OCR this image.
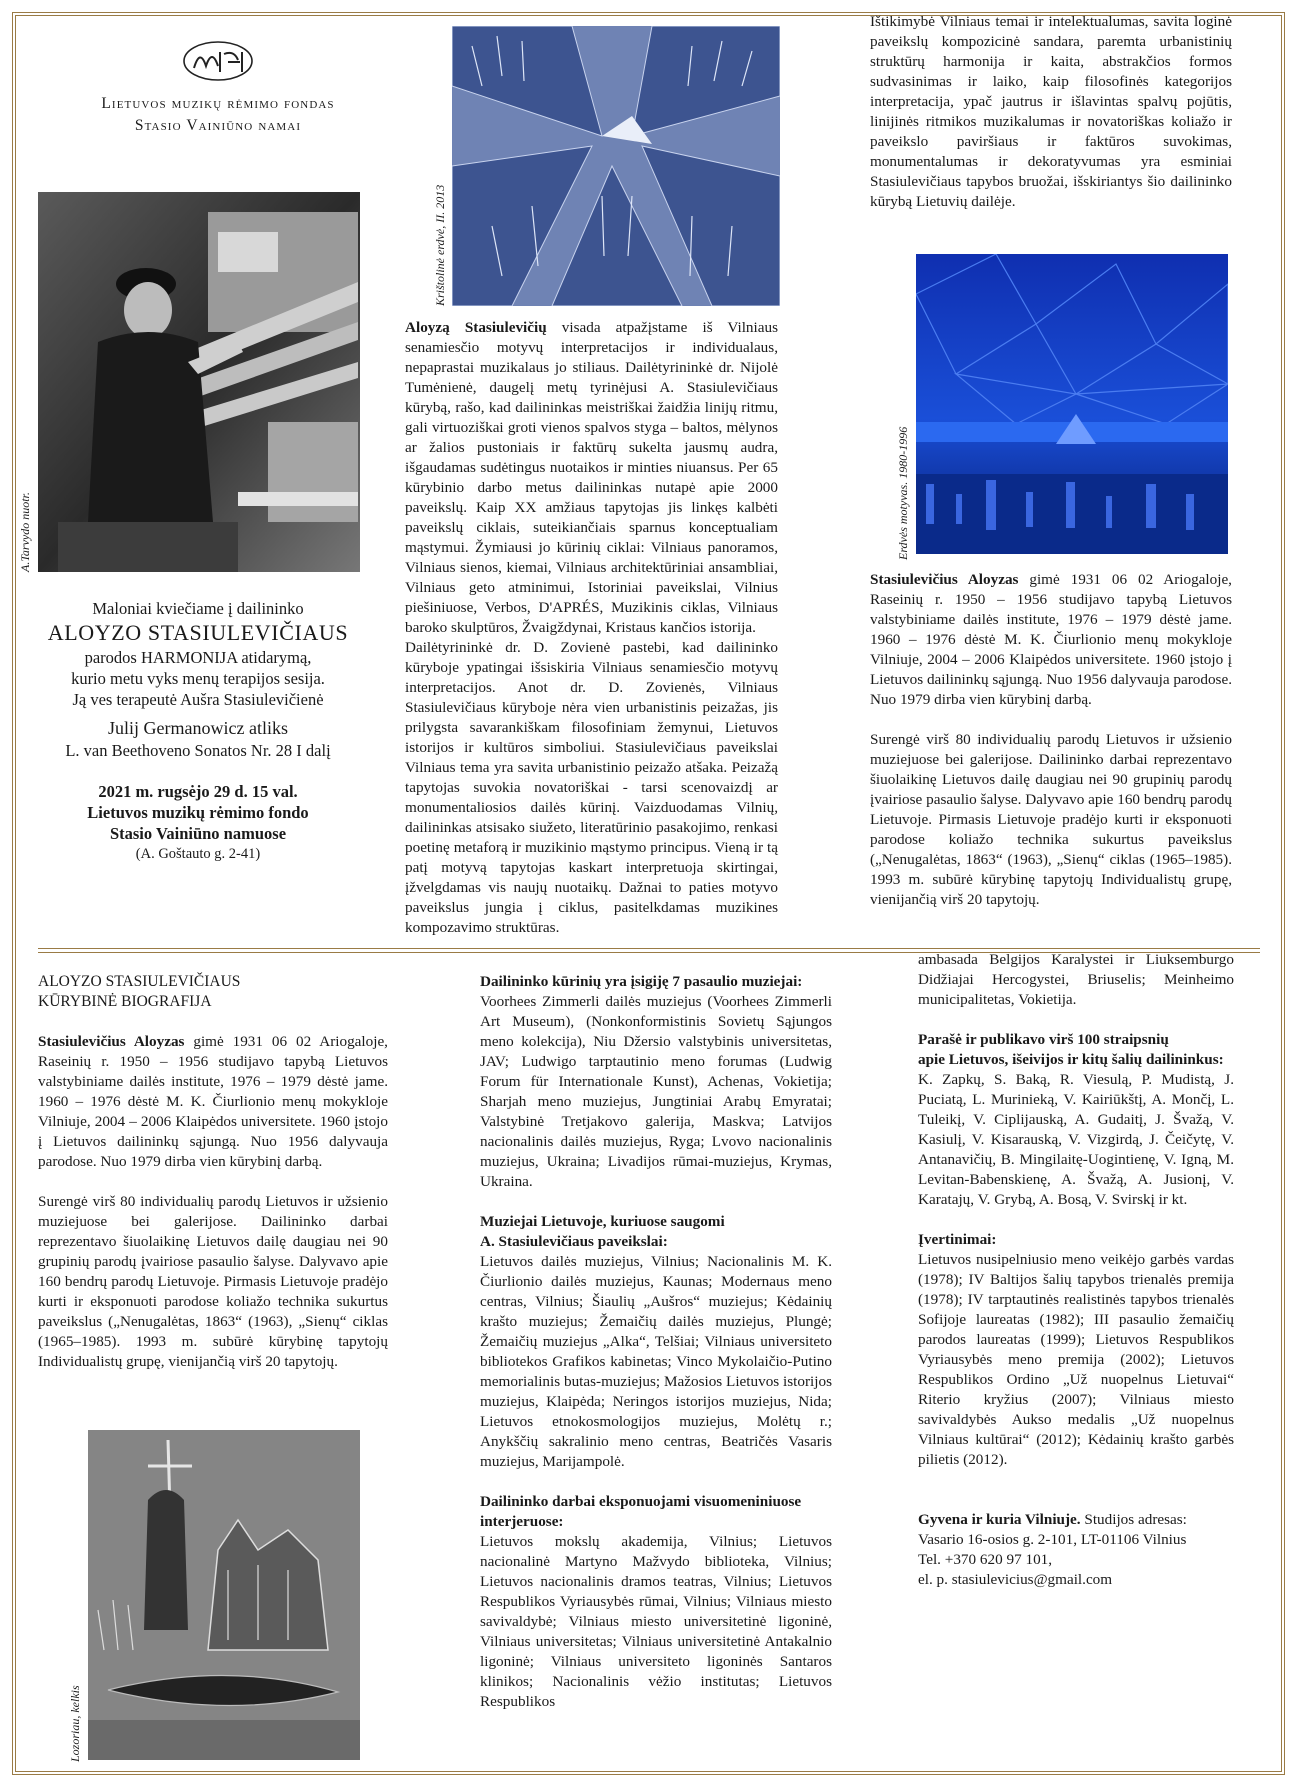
Lietuvos muzikų rėmimo fondas
Stasio Vainiūno namai
A.Tarvydo nuotr.
Maloniai kviečiame į dailininko
ALOYZO STASIULEVIČIAUS
parodos HARMONIJA atidarymą,
kurio metu vyks menų terapijos sesija.
Ją ves terapeutė Aušra Stasiulevičienė
Julij Germanowicz atliks
L. van Beethoveno Sonatos Nr. 28 I dalį
2021 m. rugsėjo 29 d. 15 val.
Lietuvos muzikų rėmimo fondo
Stasio Vainiūno namuose
(A. Goštauto g. 2-41)
Krištolinė erdvė, II. 2013

Aloyzą Stasiulevičių visada atpažįstame iš Vilniaus senamiesčio motyvų interpretacijos ir individualaus, nepaprastai muzikalaus jo stiliaus. Dailėtyrininkė dr. Nijolė Tumėnienė, daugelį metų tyrinėjusi A. Stasiulevičiaus kūrybą, rašo, kad dailininkas meistriškai žaidžia linijų ritmu, gali virtuoziškai groti vienos spalvos styga – baltos, mėlynos ar žalios pustoniais ir faktūrų sukelta jausmų audra, išgaudamas sudėtingus nuotaikos ir minties niuansus. Per 65 kūrybinio darbo metus dailininkas nutapė apie 2000 paveikslų. Kaip XX amžiaus tapytojas jis linkęs kalbėti paveikslų ciklais, suteikiančiais sparnus konceptualiam mąstymui. Žymiausi jo kūrinių ciklai: Vilniaus panoramos, Vilniaus sienos, kiemai, Vilniaus architektūriniai ansambliai, Vilniaus geto atminimui, Istoriniai paveikslai, Vilnius piešiniuose, Verbos, D'APRÉS, Muzikinis ciklas, Vilniaus baroko skulptūros, Žvaigždynai, Kristaus kančios istorija.

Dailėtyrininkė dr. D. Zovienė pastebi, kad dailininko kūryboje ypatingai išsiskiria Vilniaus senamiesčio motyvų interpretacijos. Anot dr. D. Zovienės, Vilniaus Stasiulevičiaus kūryboje nėra vien urbanistinis peizažas, jis prilygsta savarankiškam filosofiniam žemynui, Lietuvos istorijos ir kultūros simboliui. Stasiulevičiaus paveikslai Vilniaus tema yra savita urbanistinio peizažo atšaka. Peizažą tapytojas suvokia novatoriškai - tarsi scenovaizdį ar monumentaliosios dailės kūrinį. Vaizduodamas Vilnių, dailininkas atsisako siužeto, literatūrinio pasakojimo, renkasi poetinę metaforą ir muzikinio mąstymo principus. Vieną ir tą patį motyvą tapytojas kaskart interpretuoja skirtingai, įžvelgdamas vis naujų nuotaikų. Dažnai to paties motyvo paveikslus jungia į ciklus, pasitelkdamas muzikines kompozavimo struktūras.

Ištikimybė Vilniaus temai ir intelektualumas, savita loginė paveikslų kompozicinė sandara, paremta urbanistinių struktūrų harmonija ir kaita, abstrakčios formos sudvasinimas ir laiko, kaip filosofinės kategorijos interpretacija, ypač jautrus ir išlavintas spalvų pojūtis, linijinės ritmikos muzikalumas ir novatoriškas koliažo ir paveikslo paviršiaus ir faktūros suvokimas, monumentalumas ir dekoratyvumas yra esminiai Stasiulevičiaus tapybos bruožai, išskiriantys šio dailininko kūrybą Lietuvių dailėje.

Erdvės motyvas. 1980-1996

Stasiulevičius Aloyzas gimė 1931 06 02 Ariogaloje, Raseinių r. 1950 – 1956 studijavo tapybą Lietuvos valstybiniame dailės institute, 1976 – 1979 dėstė jame. 1960 – 1976 dėstė M. K. Čiurlionio menų mokykloje Vilniuje, 2004 – 2006 Klaipėdos universitete. 1960 įstojo į Lietuvos dailininkų sąjungą. Nuo 1956 dalyvauja parodose. Nuo 1979 dirba vien kūrybinį darbą.

Surengė virš 80 individualių parodų Lietuvos ir užsienio muziejuose bei galerijose. Dailininko darbai reprezentavo šiuolaikinę Lietuvos dailę daugiau nei 90 grupinių parodų įvairiose pasaulio šalyse. Dalyvavo apie 160 bendrų parodų Lietuvoje. Pirmasis Lietuvoje pradėjo kurti ir eksponuoti parodose koliažo technika sukurtus paveikslus („Nenugalėtas, 1863“ (1963), „Sienų“ ciklas (1965–1985). 1993 m. subūrė kūrybinę tapytojų Individualistų grupę, vienijančią virš 20 tapytojų.

ALOYZO STASIULEVIČIAUS
KŪRYBINĖ BIOGRAFIJA

Stasiulevičius Aloyzas gimė 1931 06 02 Ariogaloje, Raseinių r. 1950 – 1956 studijavo tapybą Lietuvos valstybiniame dailės institute, 1976 – 1979 dėstė jame. 1960 – 1976 dėstė M. K. Čiurlionio menų mokykloje Vilniuje, 2004 – 2006 Klaipėdos universitete. 1960 įstojo į Lietuvos dailininkų sąjungą. Nuo 1956 dalyvauja parodose. Nuo 1979 dirba vien kūrybinį darbą.

Surengė virš 80 individualių parodų Lietuvos ir užsienio muziejuose bei galerijose. Dailininko darbai reprezentavo šiuolaikinę Lietuvos dailę daugiau nei 90 grupinių parodų įvairiose pasaulio šalyse. Dalyvavo apie 160 bendrų parodų Lietuvoje. Pirmasis Lietuvoje pradėjo kurti ir eksponuoti parodose koliažo technika sukurtus paveikslus („Nenugalėtas, 1863“ (1963), „Sienų“ ciklas (1965–1985). 1993 m. subūrė kūrybinę tapytojų Individualistų grupę, vienijančią virš 20 tapytojų.

Lozoriau, kelkis

Dailininko kūrinių yra įsigiję 7 pasaulio muziejai:

Voorhees Zimmerli dailės muziejus (Voorhees Zimmerli Art Museum), (Nonkonformistinis Sovietų Sąjungos meno kolekcija), Niu Džersio valstybinis universitetas, JAV; Ludwigo tarptautinio meno forumas (Ludwig Forum für Internationale Kunst), Achenas, Vokietija; Sharjah meno muziejus, Jungtiniai Arabų Emyratai; Valstybinė Tretjakovo galerija, Maskva; Latvijos nacionalinis dailės muziejus, Ryga; Lvovo nacionalinis muziejus, Ukraina; Livadijos rūmai-muziejus, Krymas, Ukraina.

Muziejai Lietuvoje, kuriuose saugomi

A. Stasiulevičiaus paveikslai:

Lietuvos dailės muziejus, Vilnius; Nacionalinis M. K. Čiurlionio dailės muziejus, Kaunas; Modernaus meno centras, Vilnius; Šiaulių „Aušros“ muziejus; Kėdainių krašto muziejus; Žemaičių dailės muziejus, Plungė; Žemaičių muziejus „Alka“, Telšiai; Vilniaus universiteto bibliotekos Grafikos kabinetas; Vinco Mykolaičio-Putino memorialinis butas-muziejus; Mažosios Lietuvos istorijos muziejus, Klaipėda; Neringos istorijos muziejus, Nida; Lietuvos etnokosmologijos muziejus, Molėtų r.; Anykščių sakralinio meno centras, Beatričės Vasaris muziejus, Marijampolė.

Dailininko darbai eksponuojami visuomeniniuose

interjeruose:

Lietuvos mokslų akademija, Vilnius; Lietuvos nacionalinė Martyno Mažvydo biblioteka, Vilnius; Lietuvos nacionalinis dramos teatras, Vilnius; Lietuvos Respublikos Vyriausybės rūmai, Vilnius; Vilniaus miesto savivaldybė; Vilniaus miesto universitetinė ligoninė, Vilniaus universitetas; Vilniaus universitetinė Antakalnio ligoninė; Vilniaus universiteto ligoninės Santaros klinikos; Nacionalinis vėžio institutas; Lietuvos Respublikos

ambasada Belgijos Karalystei ir Liuksemburgo Didžiajai Hercogystei, Briuselis; Meinheimo municipalitetas, Vokietija.

Parašė ir publikavo virš 100 straipsnių

apie Lietuvos, išeivijos ir kitų šalių dailininkus:

K. Zapkų, S. Baką, R. Viesulą, P. Mudistą, J. Puciatą, L. Murinieką, V. Kairiūkštį, A. Mončį, L. Tuleikį, V. Ciplijauską, A. Gudaitį, J. Švažą, V. Kasiulį, V. Kisarauską, V. Vizgirdą, J. Čeičytę, V. Antanavičių, B. Mingilaitę-Uogintienę, V. Igną, M. Levitan-Babenskienę, A. Švažą, A. Jusionį, V. Karatajų, V. Grybą, A. Bosą, V. Svirskį ir kt.

Įvertinimai:

Lietuvos nusipelniusio meno veikėjo garbės vardas (1978); IV Baltijos šalių tapybos trienalės premija (1978); IV tarptautinės realistinės tapybos trienalės Sofijoje laureatas (1982); III pasaulio žemaičių parodos laureatas (1999); Lietuvos Respublikos Vyriausybės meno premija (2002); Lietuvos Respublikos Ordino „Už nuopelnus Lietuvai“ Riterio kryžius (2007); Vilniaus miesto savivaldybės Aukso medalis „Už nuopelnus Vilniaus kultūrai“ (2012); Kėdainių krašto garbės pilietis (2012).

Gyvena ir kuria Vilniuje. Studijos adresas:

Vasario 16-osios g. 2-101, LT-01106 Vilnius

Tel. +370 620 97 101,

el. p. stasiulevicius@gmail.com
